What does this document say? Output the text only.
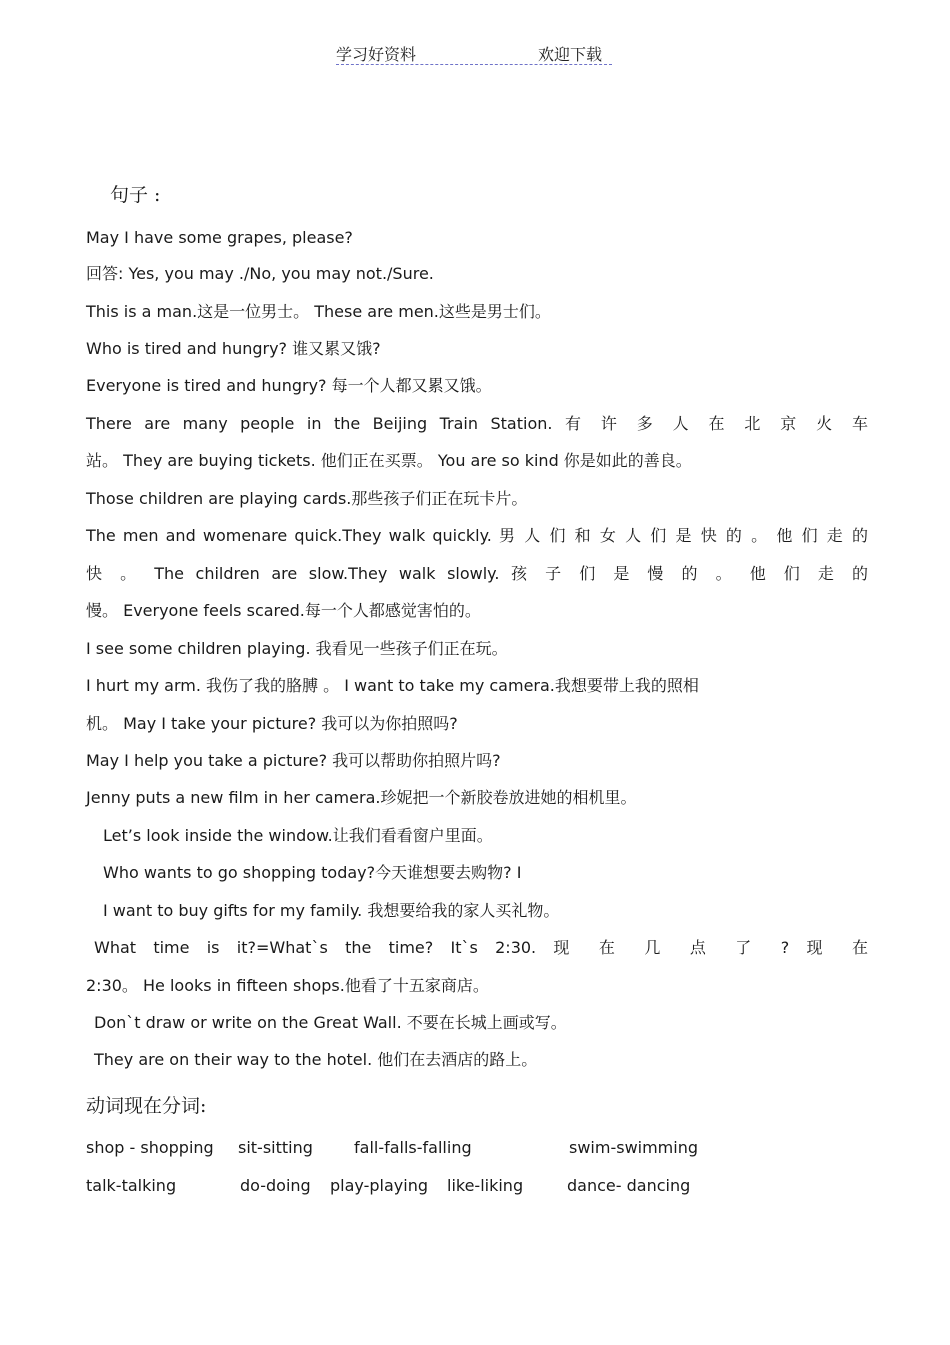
学习好资料	欢迎下载
句子 :
May I have some grapes, please?
回答: Yes, you may ./No, you may not./Sure.
This is a man.这是一位男士。 These are men.这些是男士们。
Who is tired and hungry? 谁又累又饿?
Everyone is tired and hungry? 每一个人都又累又饿。
There are many people in the Beijing Train Station. 有 许 多 人 在 北 京 火 车
站。 They are buying tickets. 他们正在买票。 You are so kind 你是如此的善良。
Those children are playing cards.那些孩子们正在玩卡片。
The men and womenare quick.They walk quickly. 男 人 们 和 女 人 们 是 快 的 。 他 们 走 的
快 。 The children are slow.They walk slowly. 孩 子 们 是 慢 的 。 他 们 走 的
慢。 Everyone feels scared.每一个人都感觉害怕的。
I see some children playing. 我看见一些孩子们正在玩。
I hurt my arm. 我伤了我的胳膊 。 I want to take my camera.我想要带上我的照相
机。 May I take your picture? 我可以为你拍照吗?
May I help you take a picture? 我可以帮助你拍照片吗?
Jenny puts a new film in her camera.珍妮把一个新胶卷放进她的相机里。
Let’s look inside the window.让我们看看窗户里面。
Who wants to go shopping today?今天谁想要去购物? I
I want to buy gifts for my family. 我想要给我的家人买礼物。
What time is it?=What`s the time? It`s 2:30. 现 在 几 点 了 ? 现 在
2:30。 He looks in fifteen shops.他看了十五家商店。
Don`t draw or write on the Great Wall. 不要在长城上画或写。
They are on their way to the hotel. 他们在去酒店的路上。
动词现在分词:
shop - shopping	sit-sitting	fall-falls-falling	swim-swimming
talk-talking	do-doing	play-playing	like-liking	dance- dancing
